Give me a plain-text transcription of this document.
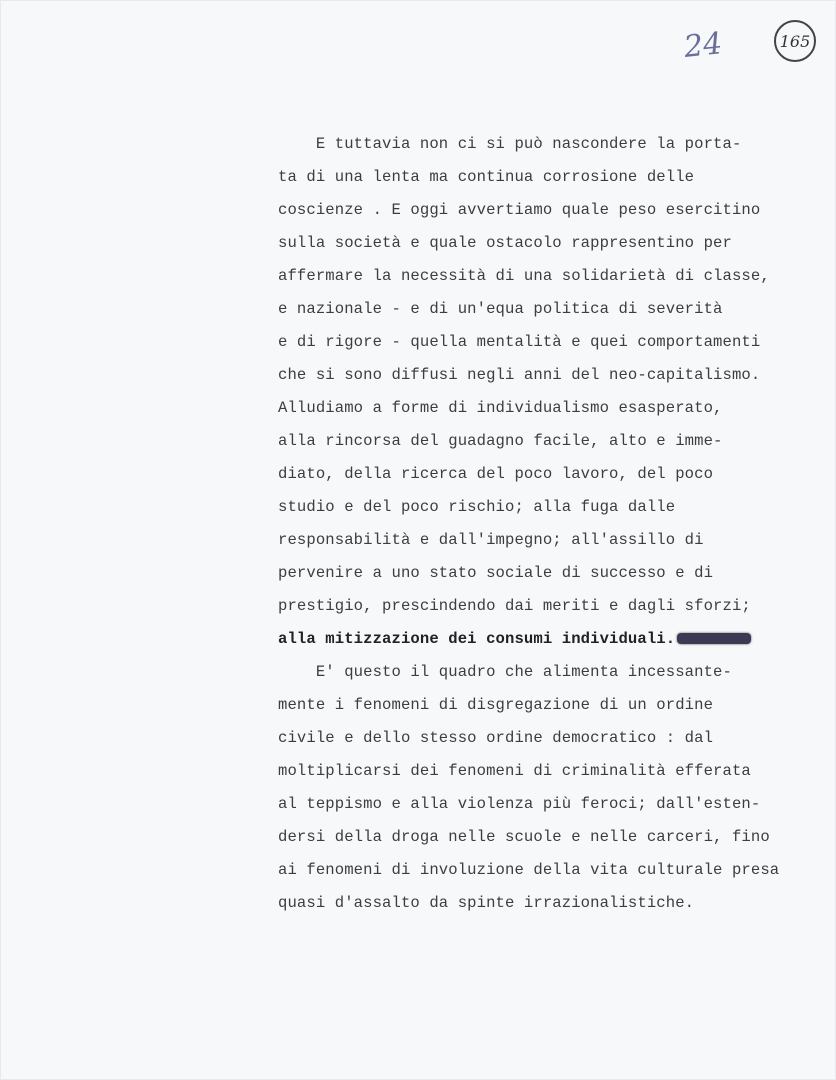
24	165
E tuttavia non ci si può nascondere la porta-
ta di una lenta ma continua corrosione delle
coscienze . E oggi avvertiamo quale peso esercitino
sulla società e quale ostacolo rappresentino per
affermare la necessità di una solidarietà di classe,
e nazionale - e di un'equa politica di severità
e di rigore - quella mentalità e quei comportamenti
che si sono diffusi negli anni del neo-capitalismo.
Alludiamo a forme di individualismo esasperato,
alla rincorsa del guadagno facile, alto e imme-
diato, della ricerca del poco lavoro, del poco
studio e del poco rischio; alla fuga dalle
responsabilità e dall'impegno; all'assillo di
pervenire a uno stato sociale di successo e di
prestigio, prescindendo dai meriti e dagli sforzi;
alla mitizzazione dei consumi individuali.
E' questo il quadro che alimenta incessante-
mente i fenomeni di disgregazione di un ordine
civile e dello stesso ordine democratico : dal
moltiplicarsi dei fenomeni di criminalità efferata
al teppismo e alla violenza più feroci; dall'esten-
dersi della droga nelle scuole e nelle carceri, fino
ai fenomeni di involuzione della vita culturale presa
quasi d'assalto da spinte irrazionalistiche.
